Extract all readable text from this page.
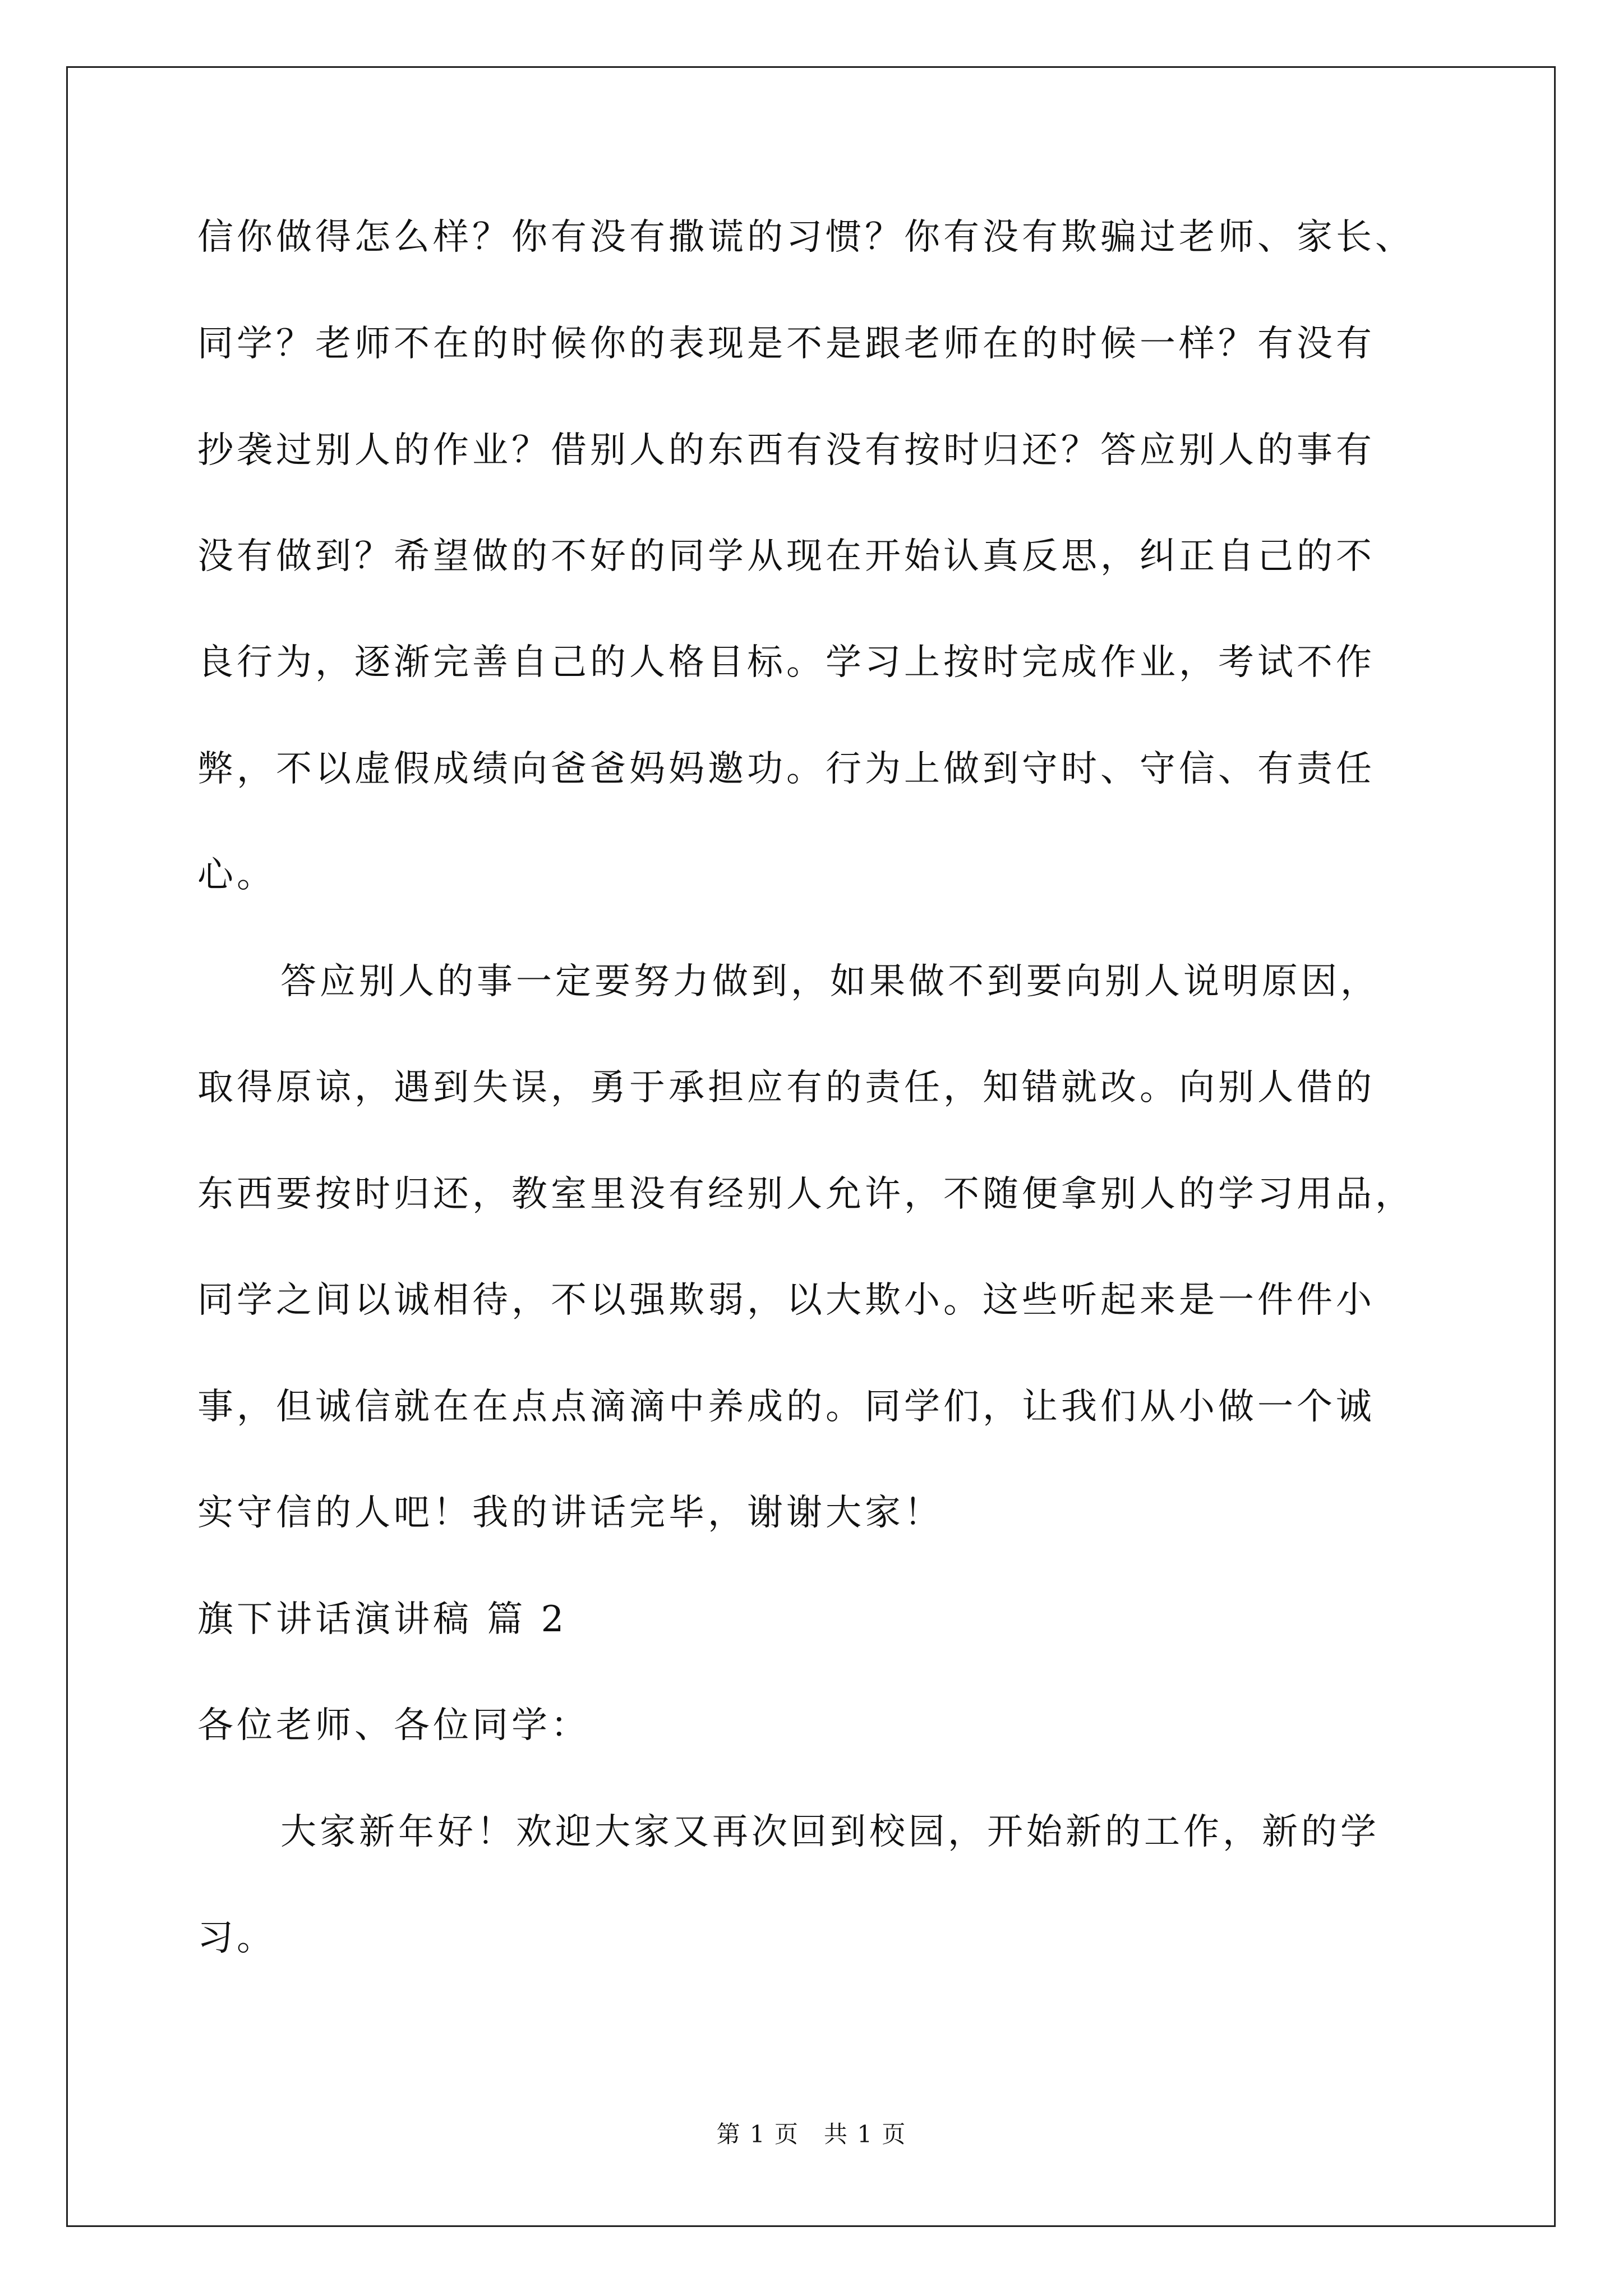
信你做得怎么样？你有没有撒谎的习惯？你有没有欺骗过老师、家长、
同学？老师不在的时候你的表现是不是跟老师在的时候一样？有没有
抄袭过别人的作业？借别人的东西有没有按时归还？答应别人的事有
没有做到？希望做的不好的同学从现在开始认真反思，纠正自己的不
良行为，逐渐完善自己的人格目标。学习上按时完成作业，考试不作
弊，不以虚假成绩向爸爸妈妈邀功。行为上做到守时、守信、有责任
心。
答应别人的事一定要努力做到，如果做不到要向别人说明原因，
取得原谅，遇到失误，勇于承担应有的责任，知错就改。向别人借的
东西要按时归还，教室里没有经别人允许，不随便拿别人的学习用品，
同学之间以诚相待，不以强欺弱，以大欺小。这些听起来是一件件小
事，但诚信就在在点点滴滴中养成的。同学们，让我们从小做一个诚
实守信的人吧！我的讲话完毕，谢谢大家！
旗下讲话演讲稿 篇 2
各位老师、各位同学：
大家新年好！欢迎大家又再次回到校园，开始新的工作，新的学
习。
第 1 页　共 1 页
